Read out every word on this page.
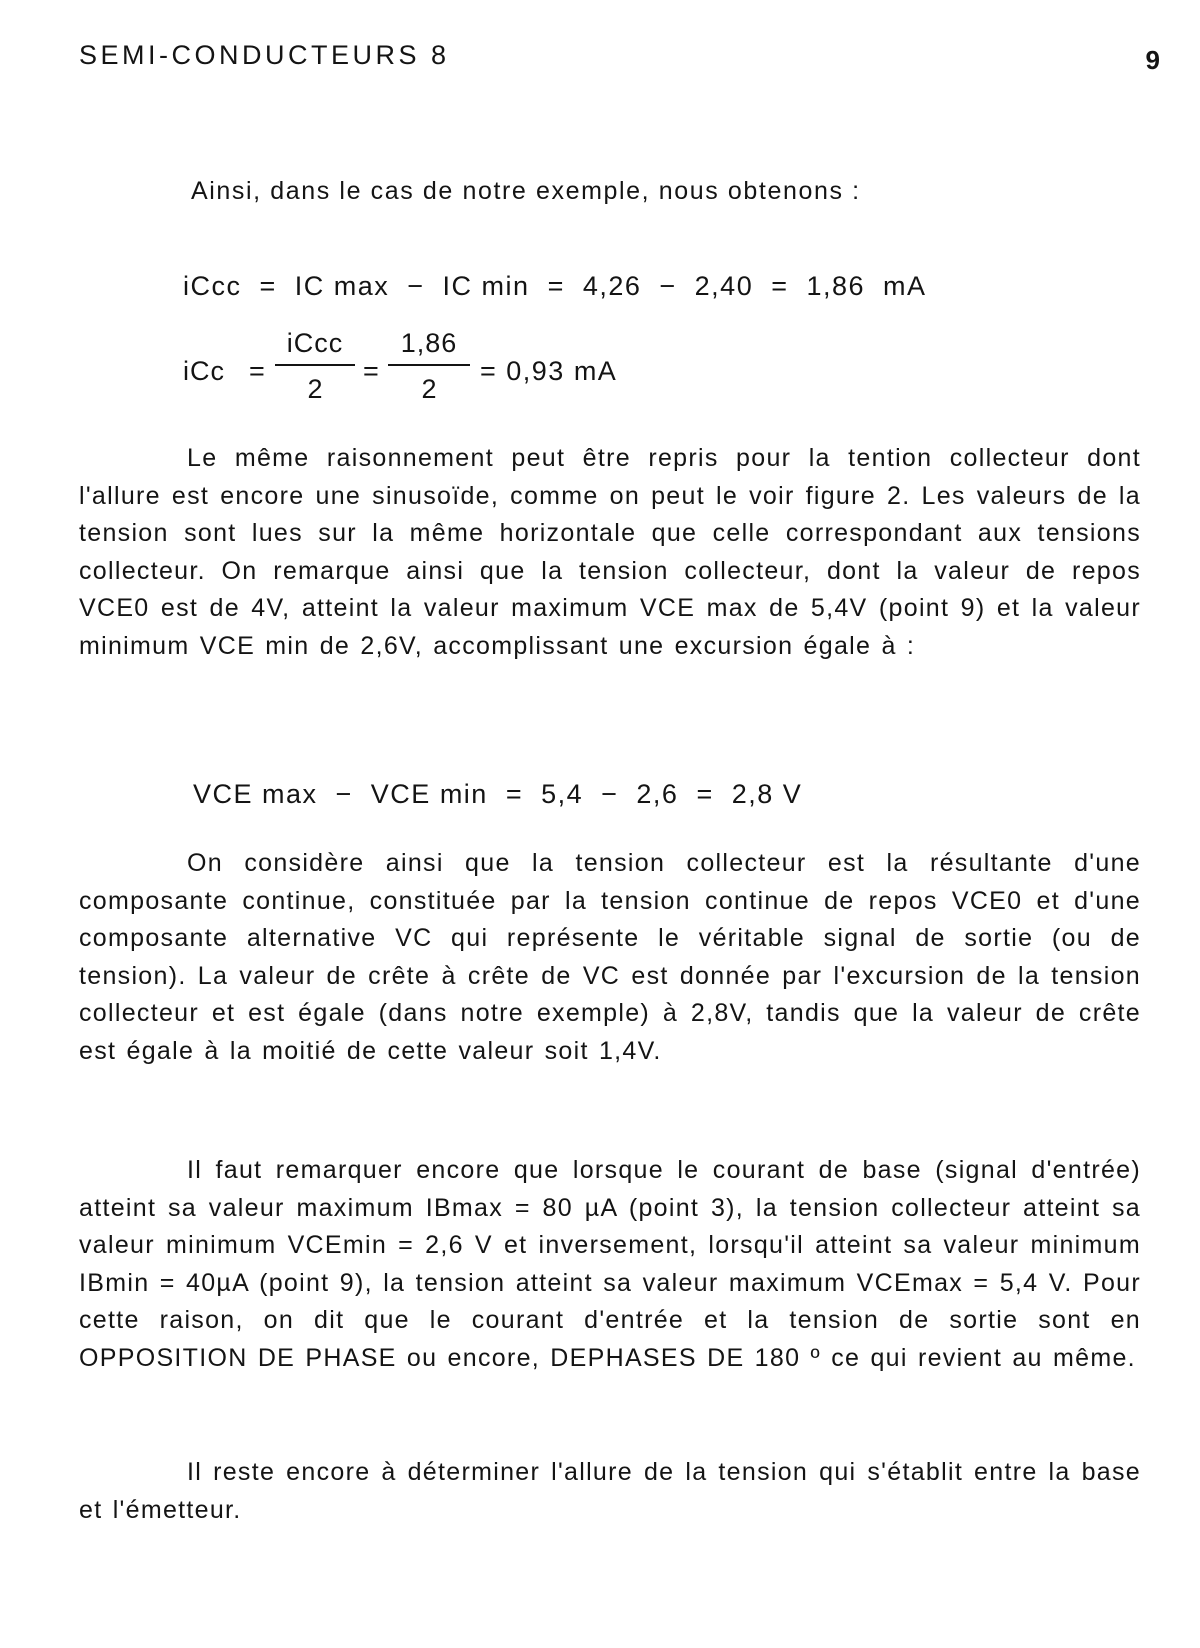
SEMI-CONDUCTEURS 8	9
Ainsi, dans le cas de notre exemple, nous obtenons :
iCcc  =  IC max  −  IC min  =  4,26  −  2,40  =  1,86  mA
iCc =
iCcc
2
=
1,86
2
= 0,93 mA

Le même raisonnement peut être repris pour la tention collecteur dont l'allure est encore une sinusoïde, comme on peut le voir figure 2. Les valeurs de la tension sont lues sur la même horizontale que celle correspondant aux tensions collecteur. On remarque ainsi que la tension collecteur, dont la valeur de repos VCE0 est de 4V, atteint la valeur maximum VCE max de 5,4V (point 9) et la valeur minimum VCE min de 2,6V, accomplissant une excursion égale à :

VCE max  −  VCE min  =  5,4  −  2,6  =  2,8 V

On considère ainsi que la tension collecteur est la résultante d'une composante continue, constituée par la tension continue de repos VCE0 et d'une composante alternative VC qui représente le véritable signal de sortie (ou de tension). La valeur de crête à crête de VC est donnée par l'excursion de la tension collecteur et est égale (dans notre exemple) à 2,8V, tandis que la valeur de crête est égale à la moitié de cette valeur soit 1,4V.

Il faut remarquer encore que lorsque le courant de base (signal d'entrée) atteint sa valeur maximum IBmax = 80 µA (point 3), la tension collecteur atteint sa valeur minimum VCEmin = 2,6 V et inversement, lorsqu'il atteint sa valeur minimum IBmin = 40µA (point 9), la tension atteint sa valeur maximum VCEmax = 5,4 V. Pour cette raison, on dit que le courant d'entrée et la tension de sortie sont en OPPOSITION DE PHASE ou encore, DEPHASES DE 180 º ce qui revient au même.

Il reste encore à déterminer l'allure de la tension qui s'établit entre la base et l'émetteur.
